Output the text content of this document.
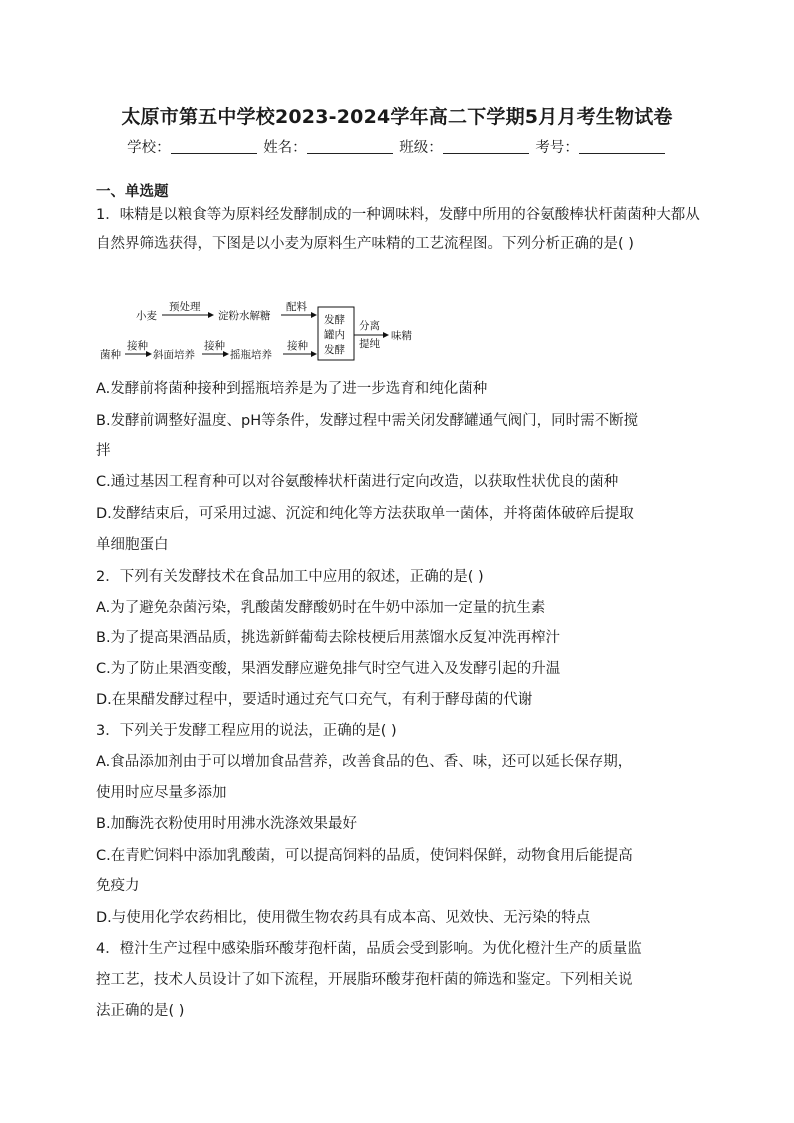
太原市第五中学校2023-2024学年高二下学期5月月考生物试卷
学校：	姓名：	班级：	考号：
一、单选题
1．味精是以粮食等为原料经发酵制成的一种调味料，发酵中所用的谷氨酸棒状杆菌菌种大都从自然界筛选获得，下图是以小麦为原料生产味精的工艺流程图。下列分析正确的是( )
小麦
预处理
淀粉水解糖
配料
发酵
罐内
发酵
分离
提纯
味精
菌种
接种
斜面培养
接种
摇瓶培养
接种
A.发酵前将菌种接种到摇瓶培养是为了进一步选育和纯化菌种
B.发酵前调整好温度、pH等条件，发酵过程中需关闭发酵罐通气阀门，同时需不断搅
拌
C.通过基因工程育种可以对谷氨酸棒状杆菌进行定向改造，以获取性状优良的菌种
D.发酵结束后，可采用过滤、沉淀和纯化等方法获取单一菌体，并将菌体破碎后提取
单细胞蛋白
2．下列有关发酵技术在食品加工中应用的叙述，正确的是( )
A.为了避免杂菌污染，乳酸菌发酵酸奶时在牛奶中添加一定量的抗生素
B.为了提高果酒品质，挑选新鲜葡萄去除枝梗后用蒸馏水反复冲洗再榨汁
C.为了防止果酒变酸，果酒发酵应避免排气时空气进入及发酵引起的升温
D.在果醋发酵过程中，要适时通过充气口充气，有利于酵母菌的代谢
3．下列关于发酵工程应用的说法，正确的是( )
A.食品添加剂由于可以增加食品营养，改善食品的色、香、味，还可以延长保存期，
使用时应尽量多添加
B.加酶洗衣粉使用时用沸水洗涤效果最好
C.在青贮饲料中添加乳酸菌，可以提高饲料的品质，使饲料保鲜，动物食用后能提高
免疫力
D.与使用化学农药相比，使用微生物农药具有成本高、见效快、无污染的特点
4．橙汁生产过程中感染脂环酸芽孢杆菌，品质会受到影响。为优化橙汁生产的质量监
控工艺，技术人员设计了如下流程，开展脂环酸芽孢杆菌的筛选和鉴定。下列相关说
法正确的是( )
